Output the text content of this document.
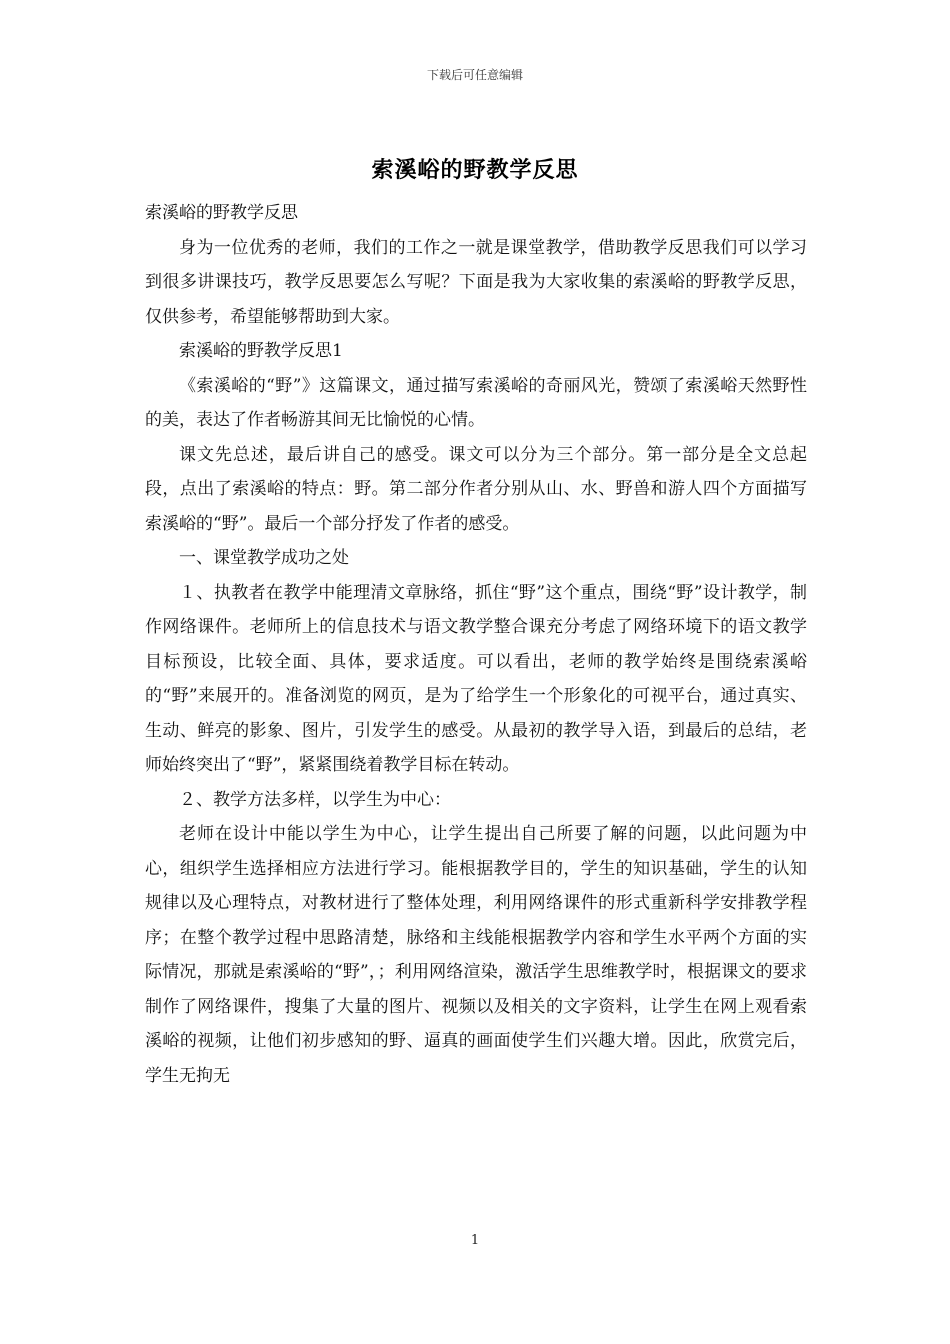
下载后可任意编辑
索溪峪的野教学反思

索溪峪的野教学反思

身为一位优秀的老师，我们的工作之一就是课堂教学，借助教学反思我们可以学习到很多讲课技巧，教学反思要怎么写呢？下面是我为大家收集的索溪峪的野教学反思，仅供参考，希望能够帮助到大家。

索溪峪的野教学反思1

《索溪峪的“野”》这篇课文，通过描写索溪峪的奇丽风光，赞颂了索溪峪天然野性的美，表达了作者畅游其间无比愉悦的心情。

课文先总述，最后讲自己的感受。课文可以分为三个部分。第一部分是全文总起段，点出了索溪峪的特点：野。第二部分作者分别从山、水、野兽和游人四个方面描写索溪峪的“野”。最后一个部分抒发了作者的感受。

一、课堂教学成功之处

１、执教者在教学中能理清文章脉络，抓住“野”这个重点，围绕“野”设计教学，制作网络课件。老师所上的信息技术与语文教学整合课充分考虑了网络环境下的语文教学目标预设，比较全面、具体，要求适度。可以看出，老师的教学始终是围绕索溪峪的“野”来展开的。准备浏览的网页，是为了给学生一个形象化的可视平台，通过真实、生动、鲜亮的影象、图片，引发学生的感受。从最初的教学导入语，到最后的总结，老师始终突出了“野”，紧紧围绕着教学目标在转动。

２、教学方法多样，以学生为中心：

老师在设计中能以学生为中心，让学生提出自己所要了解的问题，以此问题为中心，组织学生选择相应方法进行学习。能根据教学目的，学生的知识基础，学生的认知规律以及心理特点，对教材进行了整体处理，利用网络课件的形式重新科学安排教学程序；在整个教学过程中思路清楚，脉络和主线能根据教学内容和学生水平两个方面的实际情况，那就是索溪峪的“野”，；利用网络渲染，激活学生思维教学时，根据课文的要求制作了网络课件，搜集了大量的图片、视频以及相关的文字资料，让学生在网上观看索溪峪的视频，让他们初步感知的野、逼真的画面使学生们兴趣大增。因此，欣赏完后，学生无拘无

1
